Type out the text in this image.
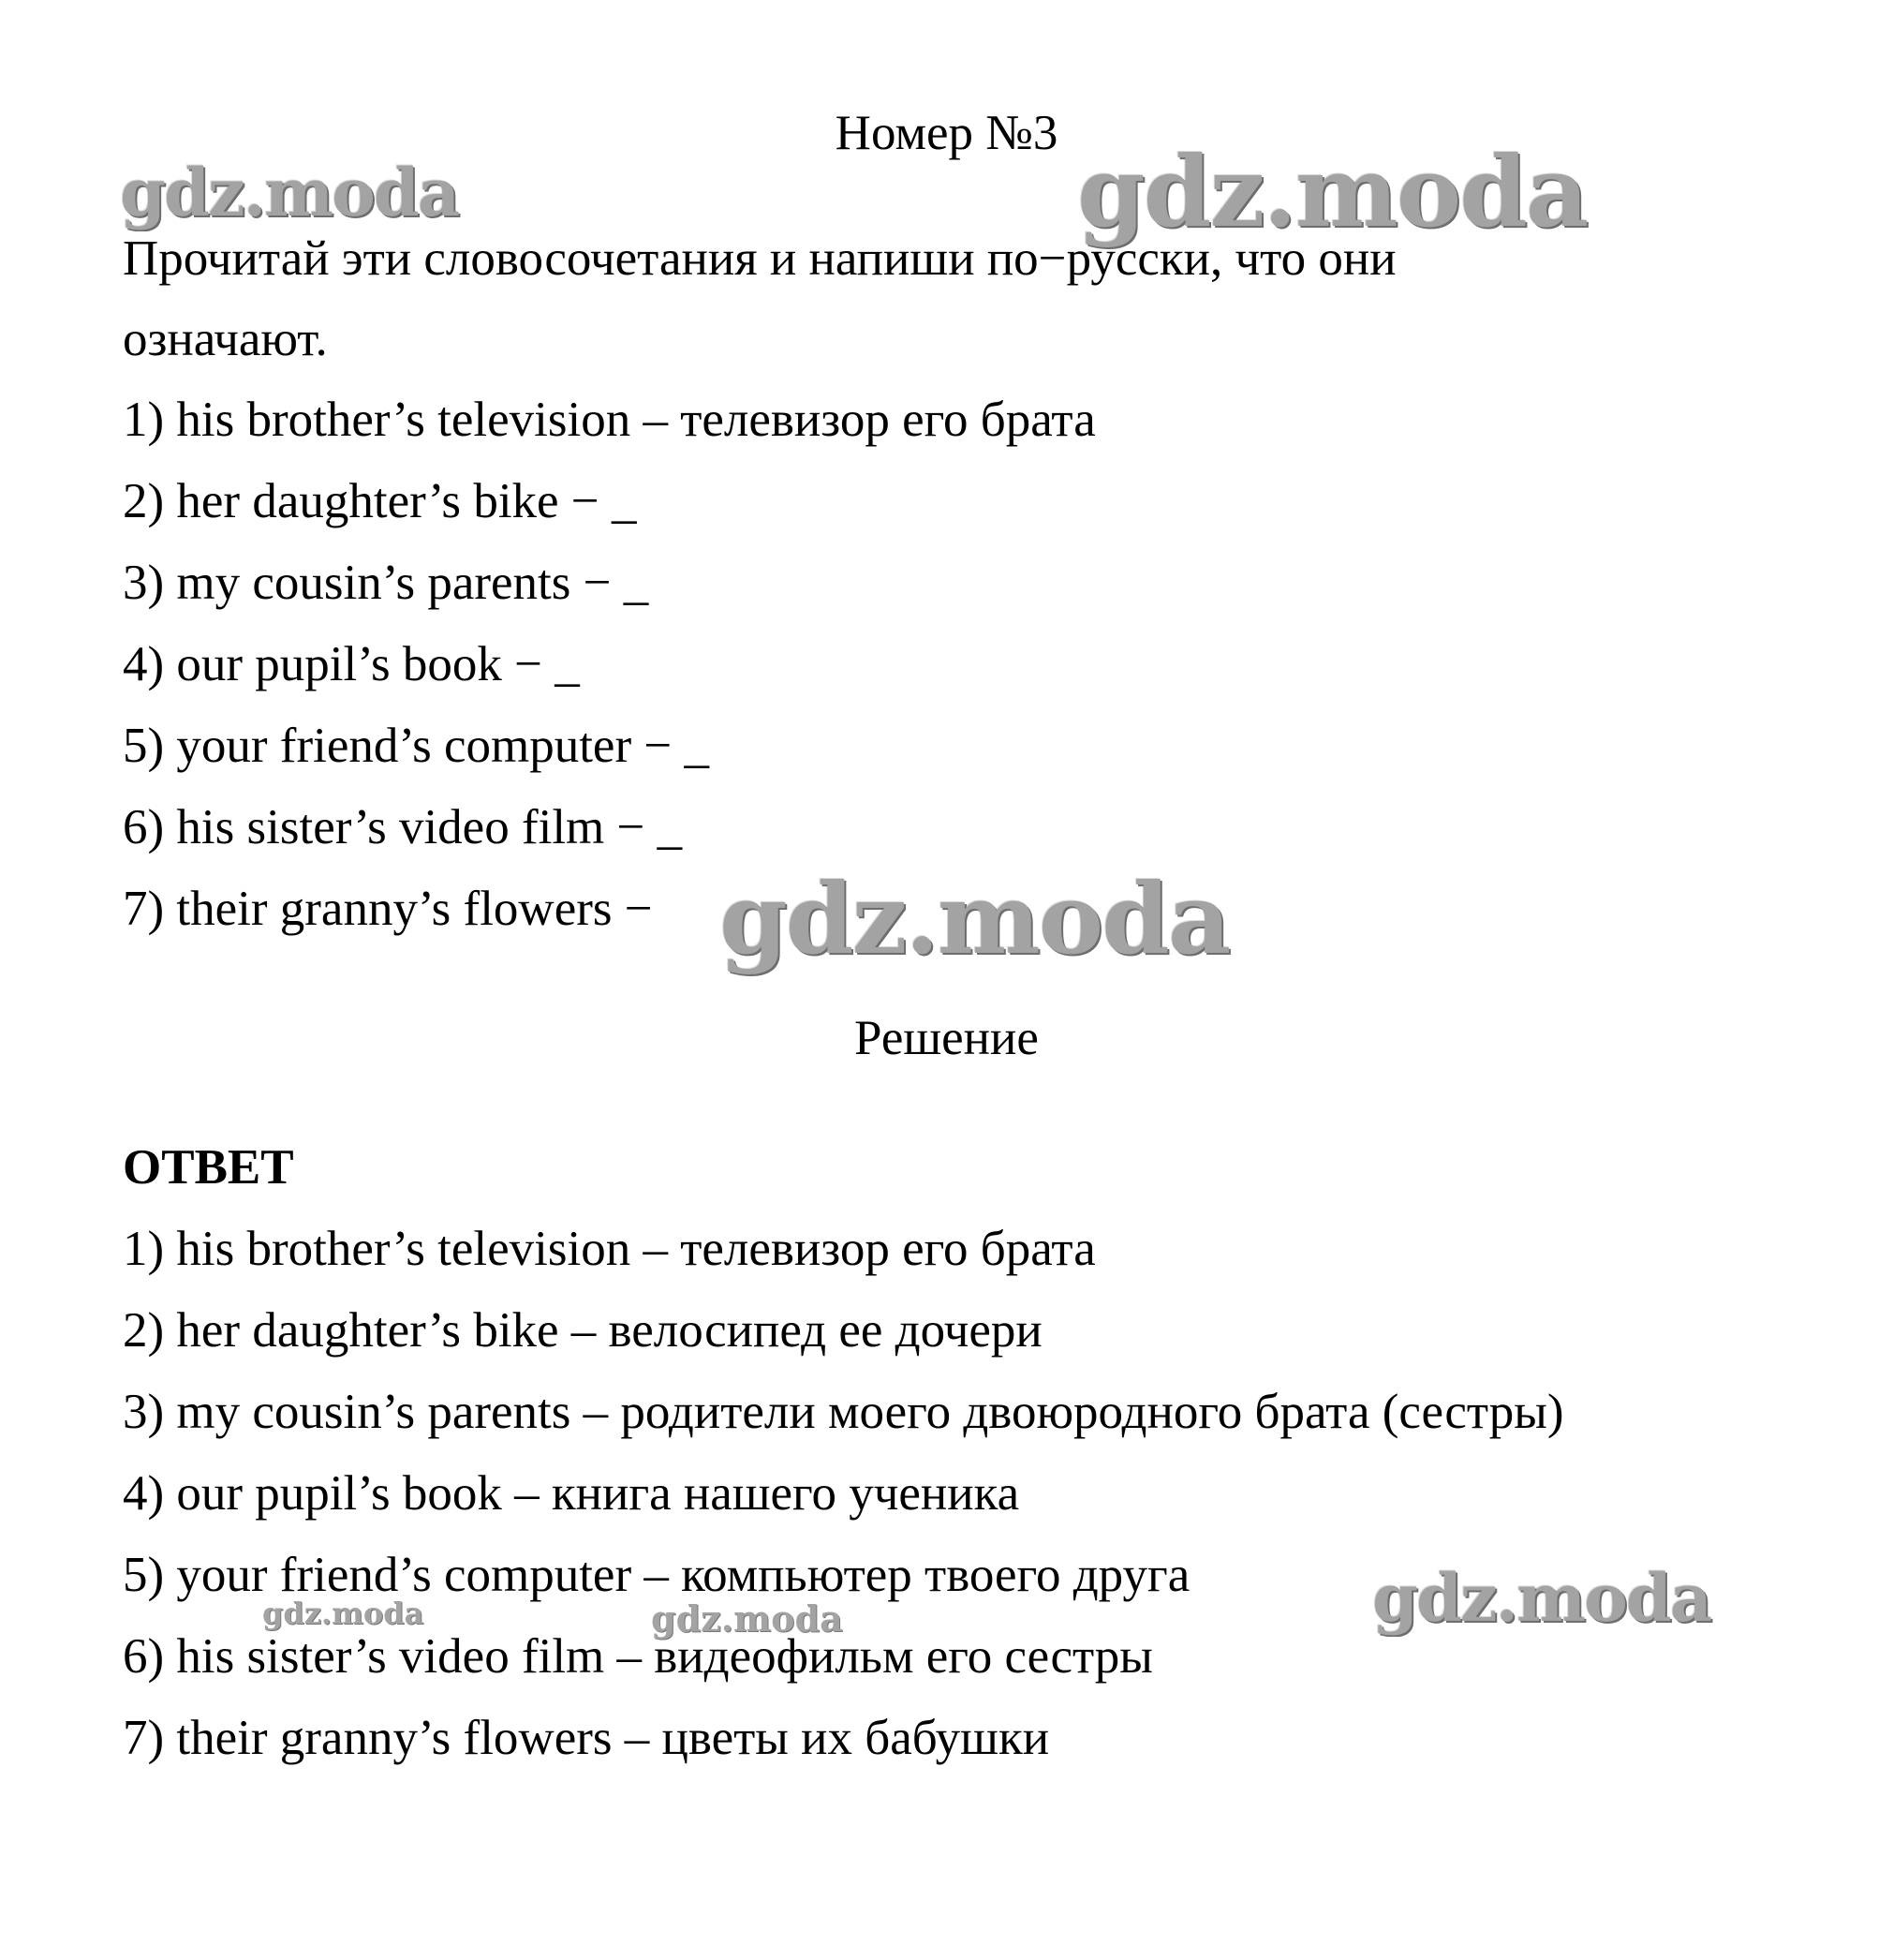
Номер №3
Прочитай эти словосочетания и напиши по−русски, что они
означают.
1) his brother’s television – телевизор его брата
2) her daughter’s bike − _
3) my cousin’s parents − _
4) our pupil’s book − _
5) your friend’s computer − _
6) his sister’s video film − _
7) their granny’s flowers −
Решение
ОТВЕТ
1) his brother’s television – телевизор его брата
2) her daughter’s bike – велосипед ее дочери
3) my cousin’s parents – родители моего двоюродного брата (сестры)
4) our pupil’s book – книга нашего ученика
5) your friend’s computer – компьютер твоего друга
6) his sister’s video film – видеофильм его сестры
7) their granny’s flowers – цветы их бабушки
gdz.moda	gdz.moda
gdz.moda
gdz.moda
gdz.moda	gdz.moda
